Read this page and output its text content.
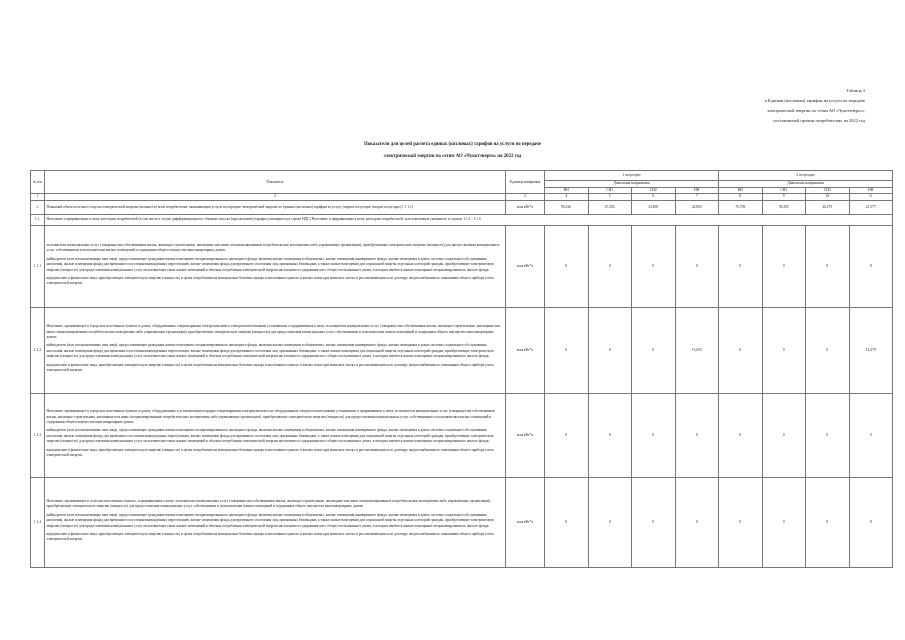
Таблица 3
к Единым (котловым) тарифам на услуги по передаче
электрической энергии по сетям АО «Чукотэнерго»,
поставляемой прочим потребителям, на 2022 год
Показатели для целей расчета единых (котловых) тарифов на услуги по передаче
электрической энергии по сетям АО «Чукотэнерго» на 2022 год
№ п/п	Показатель	Единица измерения	1 полугодие				2 полугодие			
			Диапазоны напряжения				Диапазоны напряжения			
			ВН	СН1	СН2	НН	ВН	СН1	СН2	НН
1	2	3	4	5	6	7	8	9	10	11
1.	Плановый объем полезного отпуска электрической энергии (мощности) всем потребителям, оказывающим услуги по передаче электрической энергии по единым (котловым) тарифам за услугу (первое полугодие (второе полугодие) 1.1 1.1)	млн кВт*ч	80,416	47,292	34,805	22,895	76,709	39,205	26,275	21,577
1.1.	Население и приравненные к нему категории потребителей (в том числе в случае дифференциации по объемам отпуска (при наличии) (тарифы учитываются в строке НДС) Население и приравненные к нему категории потребителей, за исключением указанного в строках 1.1.2 - 1.1.5									
1.1.1	исполнители коммунальных услуг (товарищества собственников жилья, жилищно-строительные, жилищные или иные специализированные потребительские кооперативы либо управляющие организации), приобретающие электрическую энергию (мощность) для предоставления коммунальных услуг собственникам и пользователям жилых помещений и содержания общего имущества многоквартирных домов;

наймодатели (или уполномоченные ими лица), предоставляющие гражданам жилые помещения специализированного жилищного фонда, включая жилые помещения в общежитиях, жилые помещения маневренного фонда, жилые помещения в домах системы социального обслуживания населения, жилые помещения фонда для временного поселения вынужденных переселенцев, жилые помещения фонда для временного поселения лиц, признанных беженцами, а также жилые помещения для социальной защиты отдельных категорий граждан, приобретающие электрическую энергию (мощность) для предоставления коммунальных услуг пользователям таких жилых помещений в объемах потребления электрической энергии населением и содержания мест общего пользования в домах, в которых имеются жилые помещения специализированного жилого фонда;

юридические и физические лица, приобретающие электрическую энергию (мощность) в целях потребления на коммунально-бытовые нужды в населенных пунктах и жилых зонах при воинских частях и рассчитывающиеся по договору энергоснабжения по показаниям общего прибора учета электрической энергии.	млн кВт*ч	0	0	0	0	0	0	0	0
1.1.2	Население, проживающее в городских населенных пунктах в домах, оборудованных стационарными электроплитами и электроотопительными установками, и приравненные к нему: исполнители коммунальных услуг (товарищества собственников жилья, жилищно-строительные, жилищные или иные специализированные потребительские кооперативы либо управляющие организации), приобретающие электрическую энергию (мощность) для предоставления коммунальных услуг собственникам и пользователям жилых помещений и содержания общего имущества многоквартирных домов;

наймодатели (или уполномоченные ими лица), предоставляющие гражданам жилые помещения специализированного жилищного фонда, включая жилые помещения в общежитиях, жилые помещения маневренного фонда, жилые помещения в домах системы социального обслуживания населения, жилые помещения фонда для временного поселения вынужденных переселенцев, жилые помещения фонда для временного поселения лиц, признанных беженцами, а также жилые помещения для социальной защиты отдельных категорий граждан, приобретающие электрическую энергию (мощность) для предоставления коммунальных услуг пользователям таких жилых помещений в объемах потребления электрической энергии населением и содержания мест общего пользования в домах, в которых имеются жилые помещения специализированного жилого фонда;

юридические и физические лица, приобретающие электрическую энергию (мощность) в целях потребления на коммунально-бытовые нужды в населенных пунктах и жилых зонах при воинских частях и рассчитывающиеся по договору энергоснабжения по показаниям общего прибора учета электрической энергии.	млн кВт*ч	0	0	0	15,053	0	0	0	14,279
1.1.3	Население, проживающее в городских населенных пунктах в домах, оборудованных в установленном порядке стационарными электроплитами и не оборудованных электроотопительными установками, и приравненные к нему: исполнители коммунальных услуг (товарищества собственников жилья, жилищно-строительные, жилищные или иные специализированные потребительские кооперативы либо управляющие организации), приобретающие электрическую энергию (мощность) для предоставления коммунальных услуг собственникам и пользователям жилых помещений и содержания общего имущества многоквартирных домов;

наймодатели (или уполномоченные ими лица), предоставляющие гражданам жилые помещения специализированного жилищного фонда, включая жилые помещения в общежитиях, жилые помещения маневренного фонда, жилые помещения в домах системы социального обслуживания населения, жилые помещения фонда для временного поселения вынужденных переселенцев, жилые помещения фонда для временного поселения лиц, признанных беженцами, а также жилые помещения для социальной защиты отдельных категорий граждан, приобретающие электрическую энергию (мощность) для предоставления коммунальных услуг пользователям таких жилых помещений в объемах потребления электрической энергии населением и содержания мест общего пользования в домах, в которых имеются жилые помещения специализированного жилого фонда;

юридические и физические лица, приобретающие электрическую энергию (мощность) в целях потребления на коммунально-бытовые нужды в населенных пунктах и жилых зонах при воинских частях и рассчитывающиеся по договору энергоснабжения по показаниям общего прибора учета электрической энергии.	млн кВт*ч	0	0	0	0	0	0	0	0
1.1.4	Население, проживающее в сельских населенных пунктах, и приравненные к нему: исполнители коммунальных услуг (товарищества собственников жилья, жилищно-строительные, жилищные или иные специализированные потребительские кооперативы либо управляющие организации), приобретающие электрическую энергию (мощность) для предоставления коммунальных услуг собственникам и пользователям жилых помещений и содержания общего имущества многоквартирных домов;

наймодатели (или уполномоченные ими лица), предоставляющие гражданам жилые помещения специализированного жилищного фонда, включая жилые помещения в общежитиях, жилые помещения маневренного фонда, жилые помещения в домах системы социального обслуживания населения, жилые помещения фонда для временного поселения вынужденных переселенцев, жилые помещения фонда для временного поселения лиц, признанных беженцами, а также жилые помещения для социальной защиты отдельных категорий граждан, приобретающие электрическую энергию (мощность) для предоставления коммунальных услуг пользователям таких жилых помещений в объемах потребления электрической энергии населением и содержания мест общего пользования в домах, в которых имеются жилые помещения специализированного жилого фонда;

юридические и физические лица, приобретающие электрическую энергию (мощность) в целях потребления на коммунально-бытовые нужды в населенных пунктах и жилых зонах при воинских частях и рассчитывающиеся по договору энергоснабжения по показаниям общего прибора учета электрической энергии.	млн кВт*ч	0	0	0	0	0	0	0	0
